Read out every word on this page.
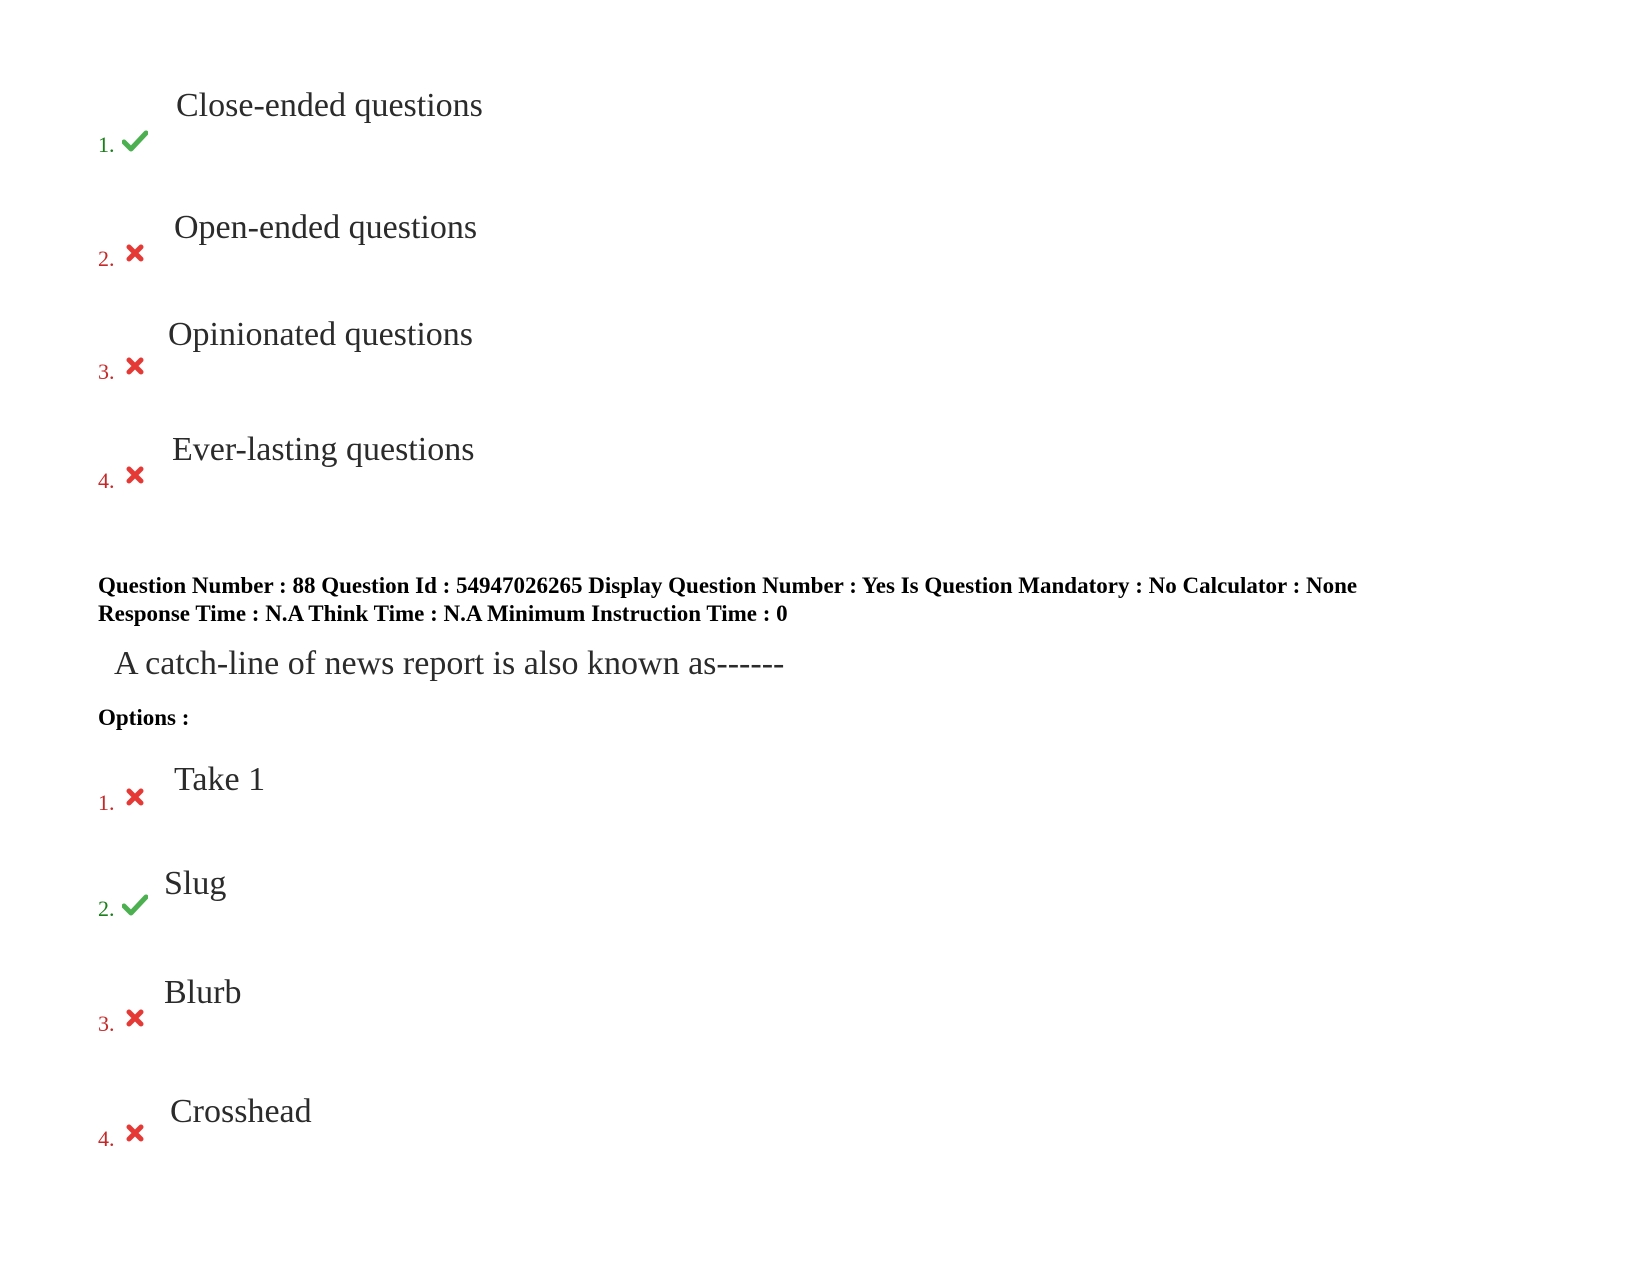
Close-ended questions
1.
Open-ended questions
2.
Opinionated questions
3.
Ever-lasting questions
4.
Question Number : 88 Question Id : 54947026265 Display Question Number : Yes Is Question Mandatory : No Calculator : None
Response Time : N.A Think Time : N.A Minimum Instruction Time : 0
A catch-line of news report is also known as------
Options :
Take 1
1.
Slug
2.
Blurb
3.
Crosshead
4.
